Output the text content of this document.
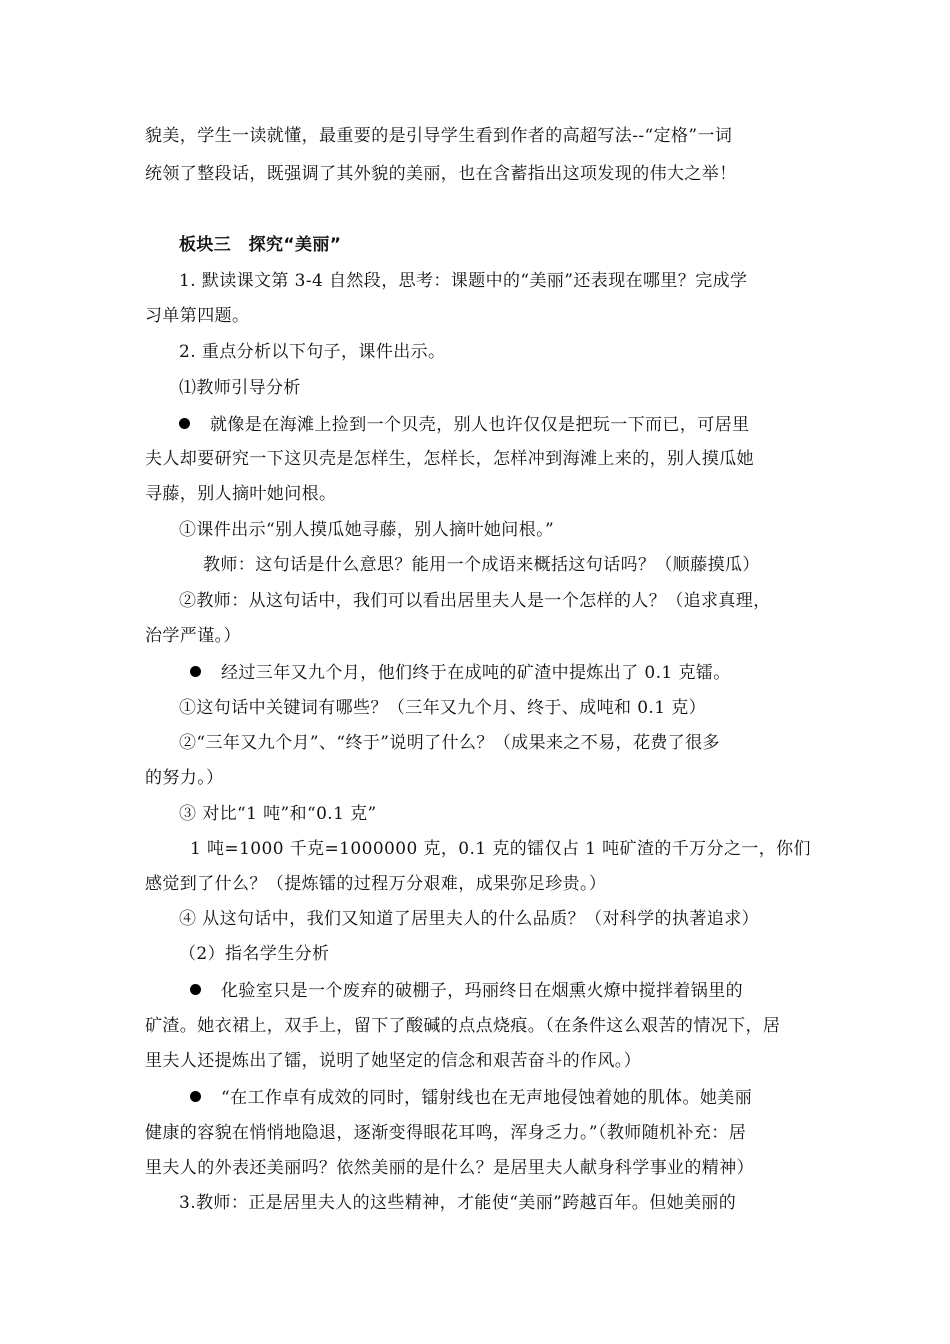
貌美，学生一读就懂，最重要的是引导学生看到作者的高超写法--“定格”一词
统领了整段话，既强调了其外貌的美丽，也在含蓄指出这项发现的伟大之举！
板块三　探究“美丽”
1. 默读课文第 3-4 自然段，思考：课题中的“美丽”还表现在哪里？完成学
习单第四题。
2. 重点分析以下句子，课件出示。
⑴教师引导分析
就像是在海滩上捡到一个贝壳，别人也许仅仅是把玩一下而已，可居里
夫人却要研究一下这贝壳是怎样生，怎样长，怎样冲到海滩上来的，别人摸瓜她
寻藤，别人摘叶她问根。
①课件出示“别人摸瓜她寻藤，别人摘叶她问根。”
教师：这句话是什么意思？能用一个成语来概括这句话吗？（顺藤摸瓜）
②教师：从这句话中，我们可以看出居里夫人是一个怎样的人？（追求真理，
治学严谨。）
经过三年又九个月，他们终于在成吨的矿渣中提炼出了 0.1 克镭。
①这句话中关键词有哪些？（三年又九个月、终于、成吨和 0.1 克）
②“三年又九个月”、“终于”说明了什么？（成果来之不易，花费了很多
的努力。）
③ 对比“1 吨”和“0.1 克”
1 吨=1000 千克=1000000 克，0.1 克的镭仅占 1 吨矿渣的千万分之一，你们
感觉到了什么？（提炼镭的过程万分艰难，成果弥足珍贵。）
④ 从这句话中，我们又知道了居里夫人的什么品质？（对科学的执著追求）
（2）指名学生分析
化验室只是一个废弃的破棚子，玛丽终日在烟熏火燎中搅拌着锅里的
矿渣。她衣裙上，双手上，留下了酸碱的点点烧痕。（在条件这么艰苦的情况下，居
里夫人还提炼出了镭，说明了她坚定的信念和艰苦奋斗的作风。）
“在工作卓有成效的同时，镭射线也在无声地侵蚀着她的肌体。她美丽
健康的容貌在悄悄地隐退，逐渐变得眼花耳鸣，浑身乏力。”（教师随机补充：居
里夫人的外表还美丽吗？依然美丽的是什么？是居里夫人献身科学事业的精神）
3.教师：正是居里夫人的这些精神，才能使“美丽”跨越百年。但她美丽的
